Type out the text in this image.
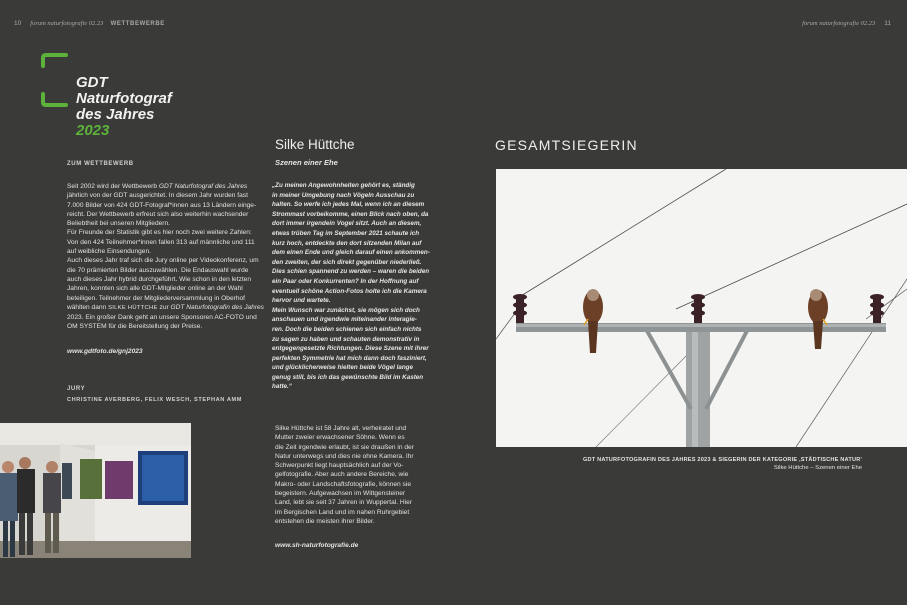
10 forum naturfotografie 02.23 WETTBEWERBE	forum naturfotografie 02.23 11
GDT
Naturfotograf
des Jahres 2023
ZUM WETTBEWERB
Seit 2002 wird der Wettbewerb GDT Naturfotograf des Jahres
jährlich von der GDT ausgerichtet. In diesem Jahr wurden fast
7.000 Bilder von 424 GDT-Fotograf*innen aus 13 Ländern einge-
reicht. Der Wettbewerb erfreut sich also weiterhin wachsender
Beliebtheit bei unseren Mitgliedern.
Für Freunde der Statistik gibt es hier noch zwei weitere Zahlen:
Von den 424 Teilnehmer*innen fallen 313 auf männliche und 111
auf weibliche Einsendungen.
Auch dieses Jahr traf sich die Jury online per Videokonferenz, um
die 70 prämierten Bilder auszuwählen. Die Endauswahl wurde
auch dieses Jahr hybrid durchgeführt. Wie schon in den letzten
Jahren, konnten sich alle GDT-Mitglieder online an der Wahl
beteiligen. Teilnehmer der Mitgliederversammlung in Oberhof
wählten dann SILKE HÜTTCHE zur GDT Naturfotografin des Jahres
2023. Ein großer Dank geht an unsere Sponsoren AC-FOTO und
OM SYSTEM für die Bereitstellung der Preise.
www.gdtfoto.de/gnj2023
JURY
CHRISTINE AVERBERG, FELIX WESCH, STEPHAN AMM
Silke Hüttche
Szenen einer Ehe
„Zu meinen Angewohnheiten gehört es, ständig
in meiner Umgebung nach Vögeln Ausschau zu
halten. So werfe ich jedes Mal, wenn ich an diesem
Strommast vorbeikomme, einen Blick nach oben, da
dort immer irgendein Vogel sitzt. Auch an diesem,
etwas trüben Tag im September 2021 schaute ich
kurz hoch, entdeckte den dort sitzenden Milan auf
dem einen Ende und gleich darauf einen ankommen-
den zweiten, der sich direkt gegenüber niederließ.
Dies schien spannend zu werden – waren die beiden
ein Paar oder Konkurrenten? In der Hoffnung auf
eventuell schöne Action-Fotos holte ich die Kamera
hervor und wartete.
Mein Wunsch war zunächst, sie mögen sich doch
anschauen und irgendwie miteinander interagie-
ren. Doch die beiden schienen sich einfach nichts
zu sagen zu haben und schauten demonstrativ in
entgegengesetzte Richtungen. Diese Szene mit ihrer
perfekten Symmetrie hat mich dann doch fasziniert,
und glücklicherweise hielten beide Vögel lange
genug still, bis ich das gewünschte Bild im Kasten
hatte.“
Silke Hüttche ist 58 Jahre alt, verheiratet und
Mutter zweier erwachsener Söhne. Wenn es
die Zeit irgendwie erlaubt, ist sie draußen in der
Natur unterwegs und dies nie ohne Kamera. Ihr
Schwerpunkt liegt hauptsächlich auf der Vo-
gelfotografie. Aber auch andere Bereiche, wie
Makro- oder Landschaftsfotografie, können sie
begeistern. Aufgewachsen im Wittgensteiner
Land, lebt sie seit 37 Jahren in Wuppertal. Hier
im Bergischen Land und im nahen Ruhrgebiet
entstehen die meisten ihrer Bilder.
www.sh-naturfotografie.de
GESAMTSIEGERIN
GDT NATURFOTOGRAFIN DES JAHRES 2023 & SIEGERIN DER KATEGORIE ‚STÄDTISCHE NATUR'
Silke Hüttche – Szenen einer Ehe
